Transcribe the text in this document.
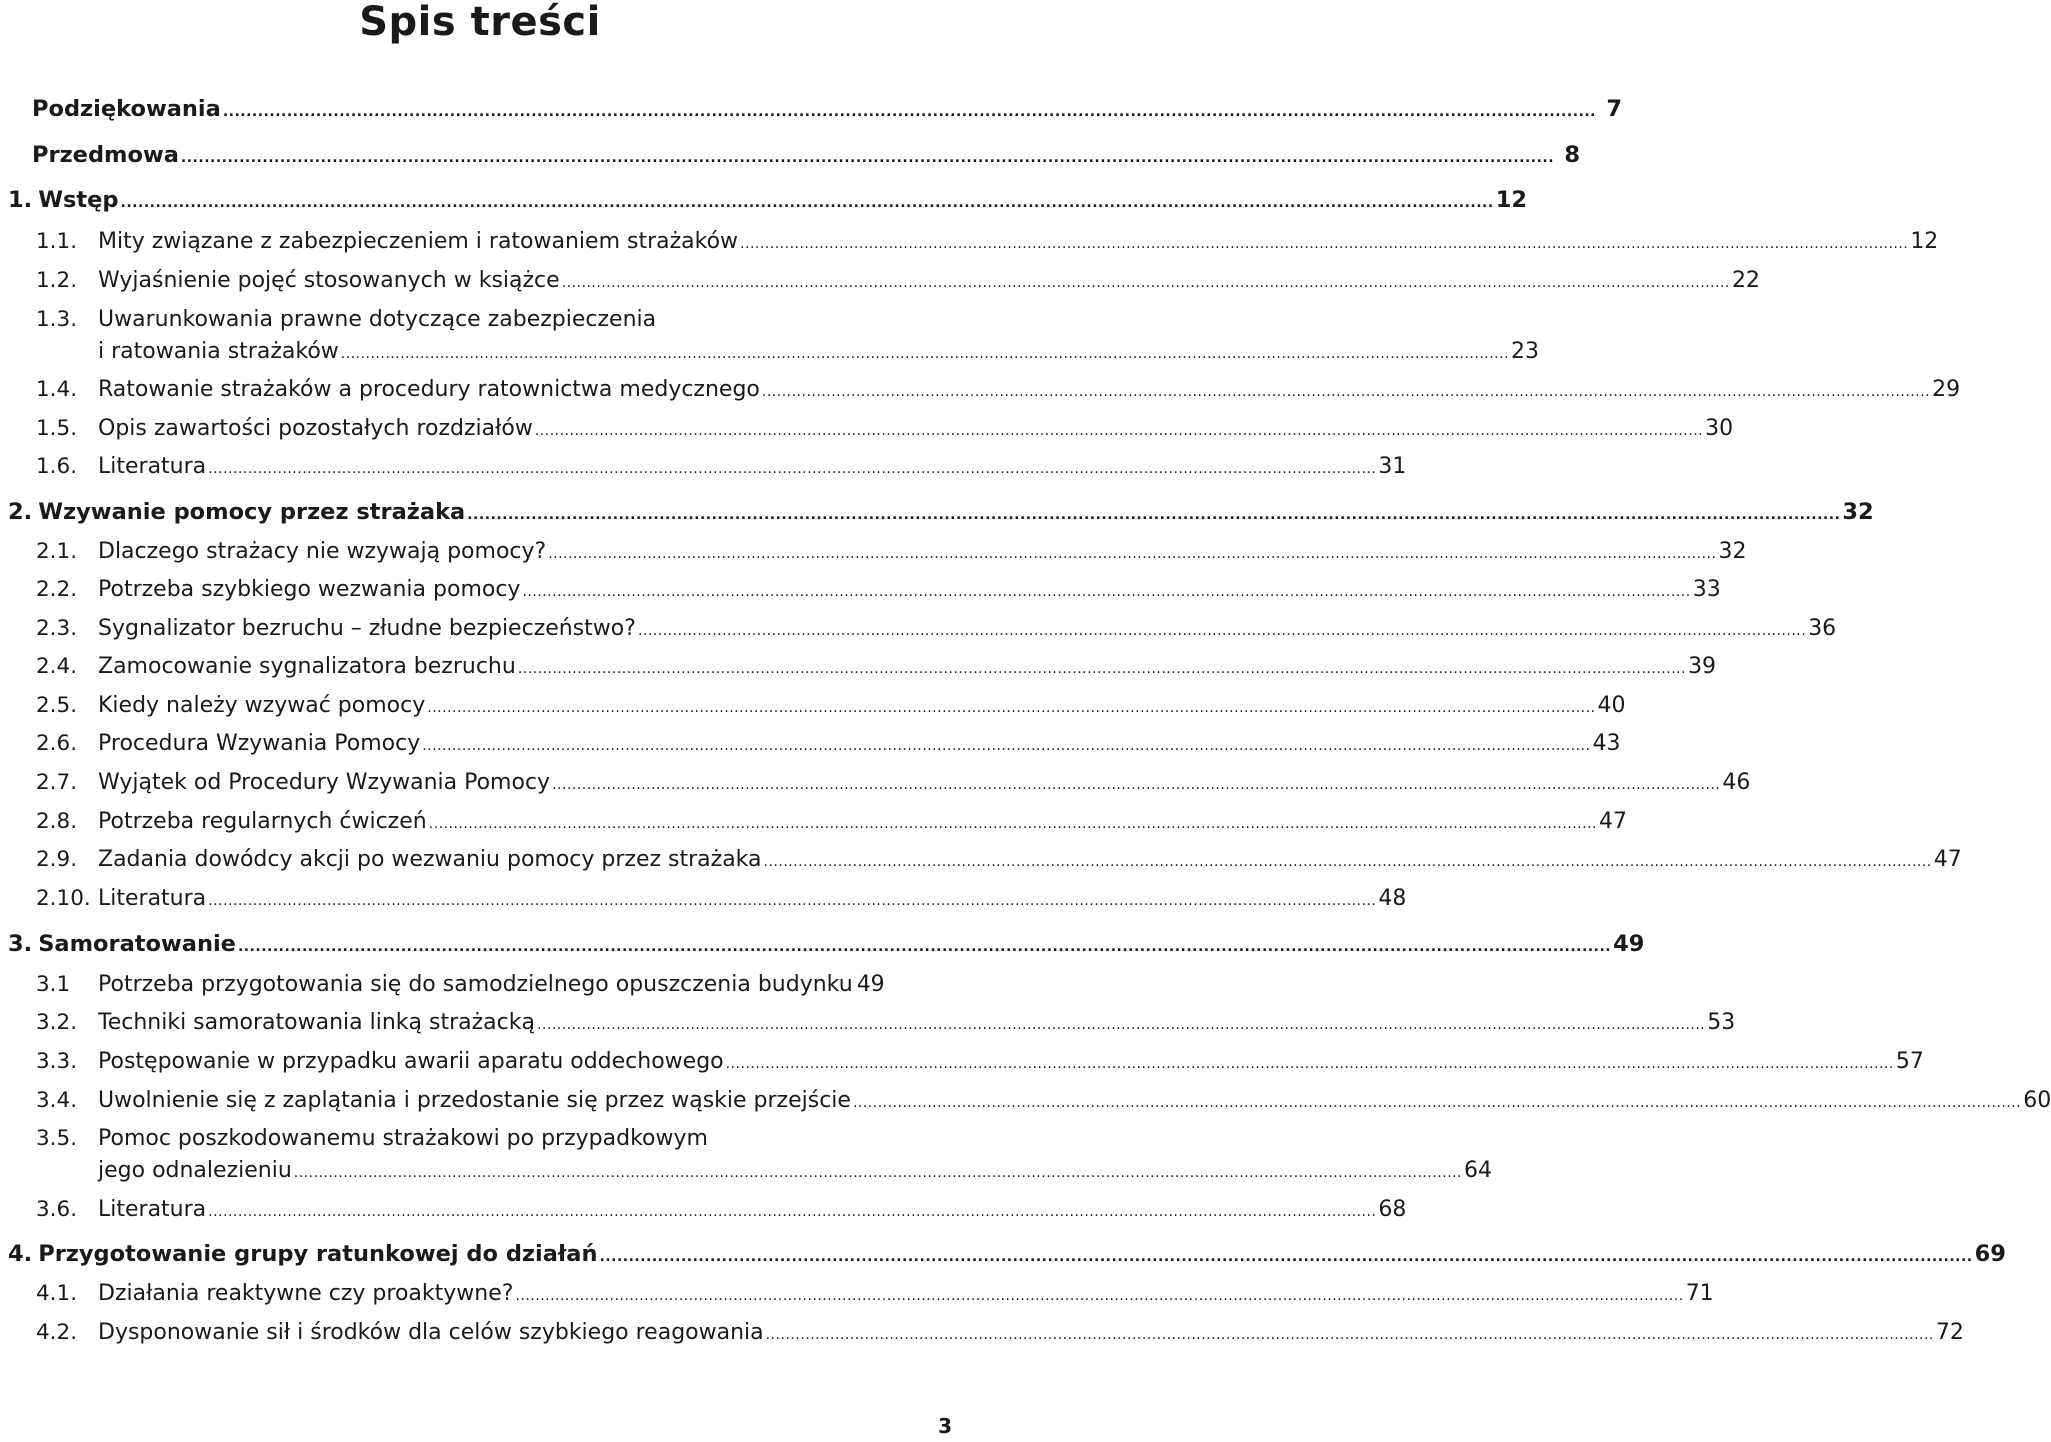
Spis treści
Podziękowania .....	7
Przedmowa .....	8
1. Wstęp .....	12
1.1. Mity związane z zabezpieczeniem i ratowaniem strażaków .....	12
1.2. Wyjaśnienie pojęć stosowanych w książce .....	22
1.3. Uwarunkowania prawne dotyczące zabezpieczenia
i ratowania strażaków .....	23
1.4. Ratowanie strażaków a procedury ratownictwa medycznego .....	29
1.5. Opis zawartości pozostałych rozdziałów .....	30
1.6. Literatura .....	31
2. Wzywanie pomocy przez strażaka .....	32
2.1. Dlaczego strażacy nie wzywają pomocy? .....	32
2.2. Potrzeba szybkiego wezwania pomocy .....	33
2.3. Sygnalizator bezruchu – złudne bezpieczeństwo? .....	36
2.4. Zamocowanie sygnalizatora bezruchu .....	39
2.5. Kiedy należy wzywać pomocy .....	40
2.6. Procedura Wzywania Pomocy .....	43
2.7. Wyjątek od Procedury Wzywania Pomocy .....	46
2.8. Potrzeba regularnych ćwiczeń .....	47
2.9. Zadania dowódcy akcji po wezwaniu pomocy przez strażaka .....	47
2.10. Literatura .....	48
3. Samoratowanie .....	49
3.1	Potrzeba przygotowania się do samodzielnego opuszczenia budynku 49
3.2. Techniki samoratowania linką strażacką .....	53
3.3. Postępowanie w przypadku awarii aparatu oddechowego .....	57
3.4. Uwolnienie się z zaplątania i przedostanie się przez wąskie przejście .....	60
3.5. Pomoc poszkodowanemu strażakowi po przypadkowym
jego odnalezieniu .....	64
3.6. Literatura .....	68
4. Przygotowanie grupy ratunkowej do działań .....	69
4.1. Działania reaktywne czy proaktywne? .....	71
4.2. Dysponowanie sił i środków dla celów szybkiego reagowania .....	72
3
